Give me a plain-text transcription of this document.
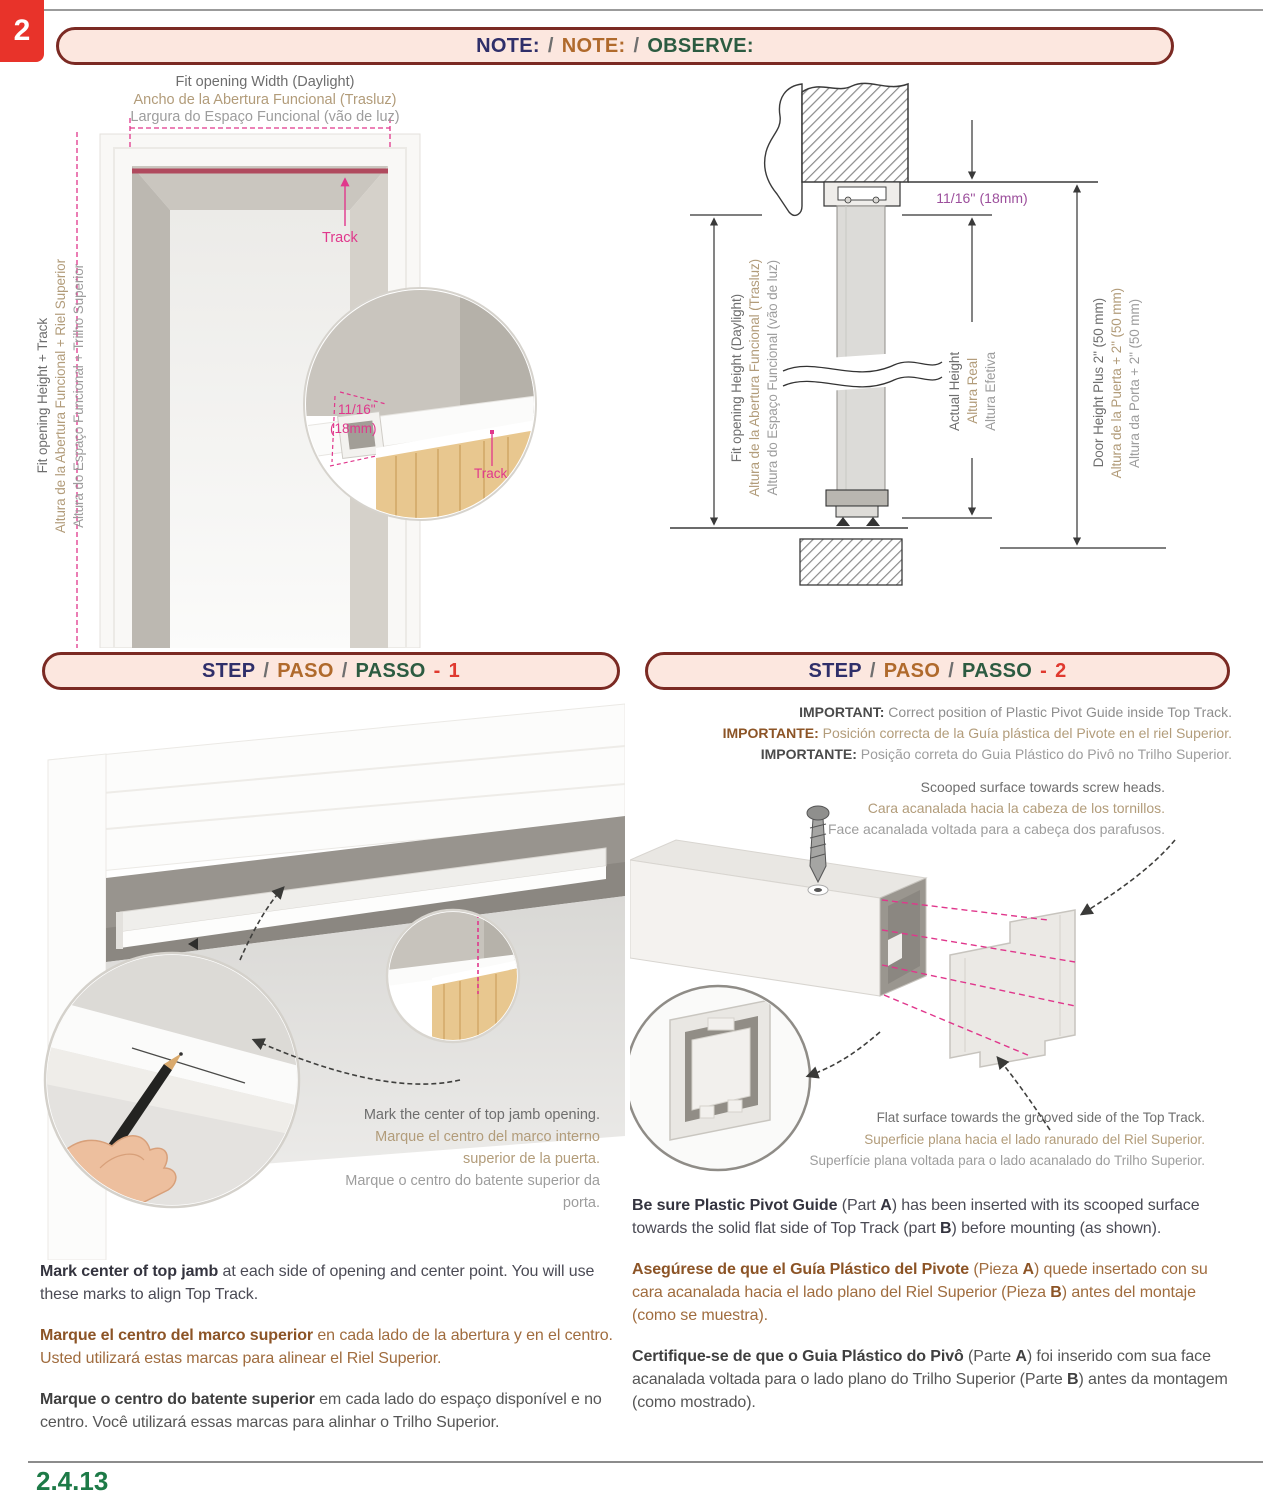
2	NOTE: / NOTE: / OBSERVE:
Fit opening Width (Daylight)
Ancho de la Abertura Funcional (Trasluz)
Largura do Espaço Funcional (vão de luz)
Track
Fit opening Height + Track Altura de la Abertura Funcional + Riel Superior Altura do Espaço Funcional + Trilho Superior	11/16"
(18mm)
Track
Fit opening Height (Daylight) Altura de la Abertura Funcional (Trasluz) Altura do Espaço Funcional (vão de luz)
11/16'' (18mm)
Actual Height Altura Real Altura Efetiva	Door Height Plus 2" (50 mm) Altura de la Puerta + 2" (50 mm) Altura da Porta + 2" (50 mm)
STEP / PASO / PASSO - 1	STEP / PASO / PASSO - 2
Mark the center of top jamb opening.
Marque el centro del marco interno superior de la puerta.
Marque o centro do batente superior da porta.

Mark center of top jamb at each side of opening and center point. You will use these marks to align Top Track.

Marque el centro del marco superior en cada lado de la abertura y en el centro. Usted utilizará estas marcas para alinear el Riel Superior.

Marque o centro do batente superior em cada lado do espaço disponível e no centro. Você utilizará essas marcas para alinhar o Trilho Superior.

IMPORTANT: Correct position of Plastic Pivot Guide inside Top Track.
IMPORTANTE: Posición correcta de la Guía plástica del Pivote en el riel Superior.
IMPORTANTE: Posição correta do Guia Plástico do Pivô no Trilho Superior.
Scooped surface towards screw heads.
Cara acanalada hacia la cabeza de los tornillos.
Face acanalada voltada para a cabeça dos parafusos.
Flat surface towards the grooved side of the Top Track.
Superficie plana hacia el lado ranurado del Riel Superior.
Superfície plana voltada para o lado acanalado do Trilho Superior.

Be sure Plastic Pivot Guide (Part A) has been inserted with its scooped surface towards the solid flat side of Top Track (part B) before mounting (as shown).

Asegúrese de que el Guía Plástico del Pivote (Pieza A) quede insertado con su cara acanalada hacia el lado plano del Riel Superior (Pieza B) antes del montaje (como se muestra).

Certifique-se de que o Guia Plástico do Pivô (Parte A) foi inserido com sua face acanalada voltada para o lado plano do Trilho Superior (Parte B) antes da montagem (como mostrado).

2.4.13
